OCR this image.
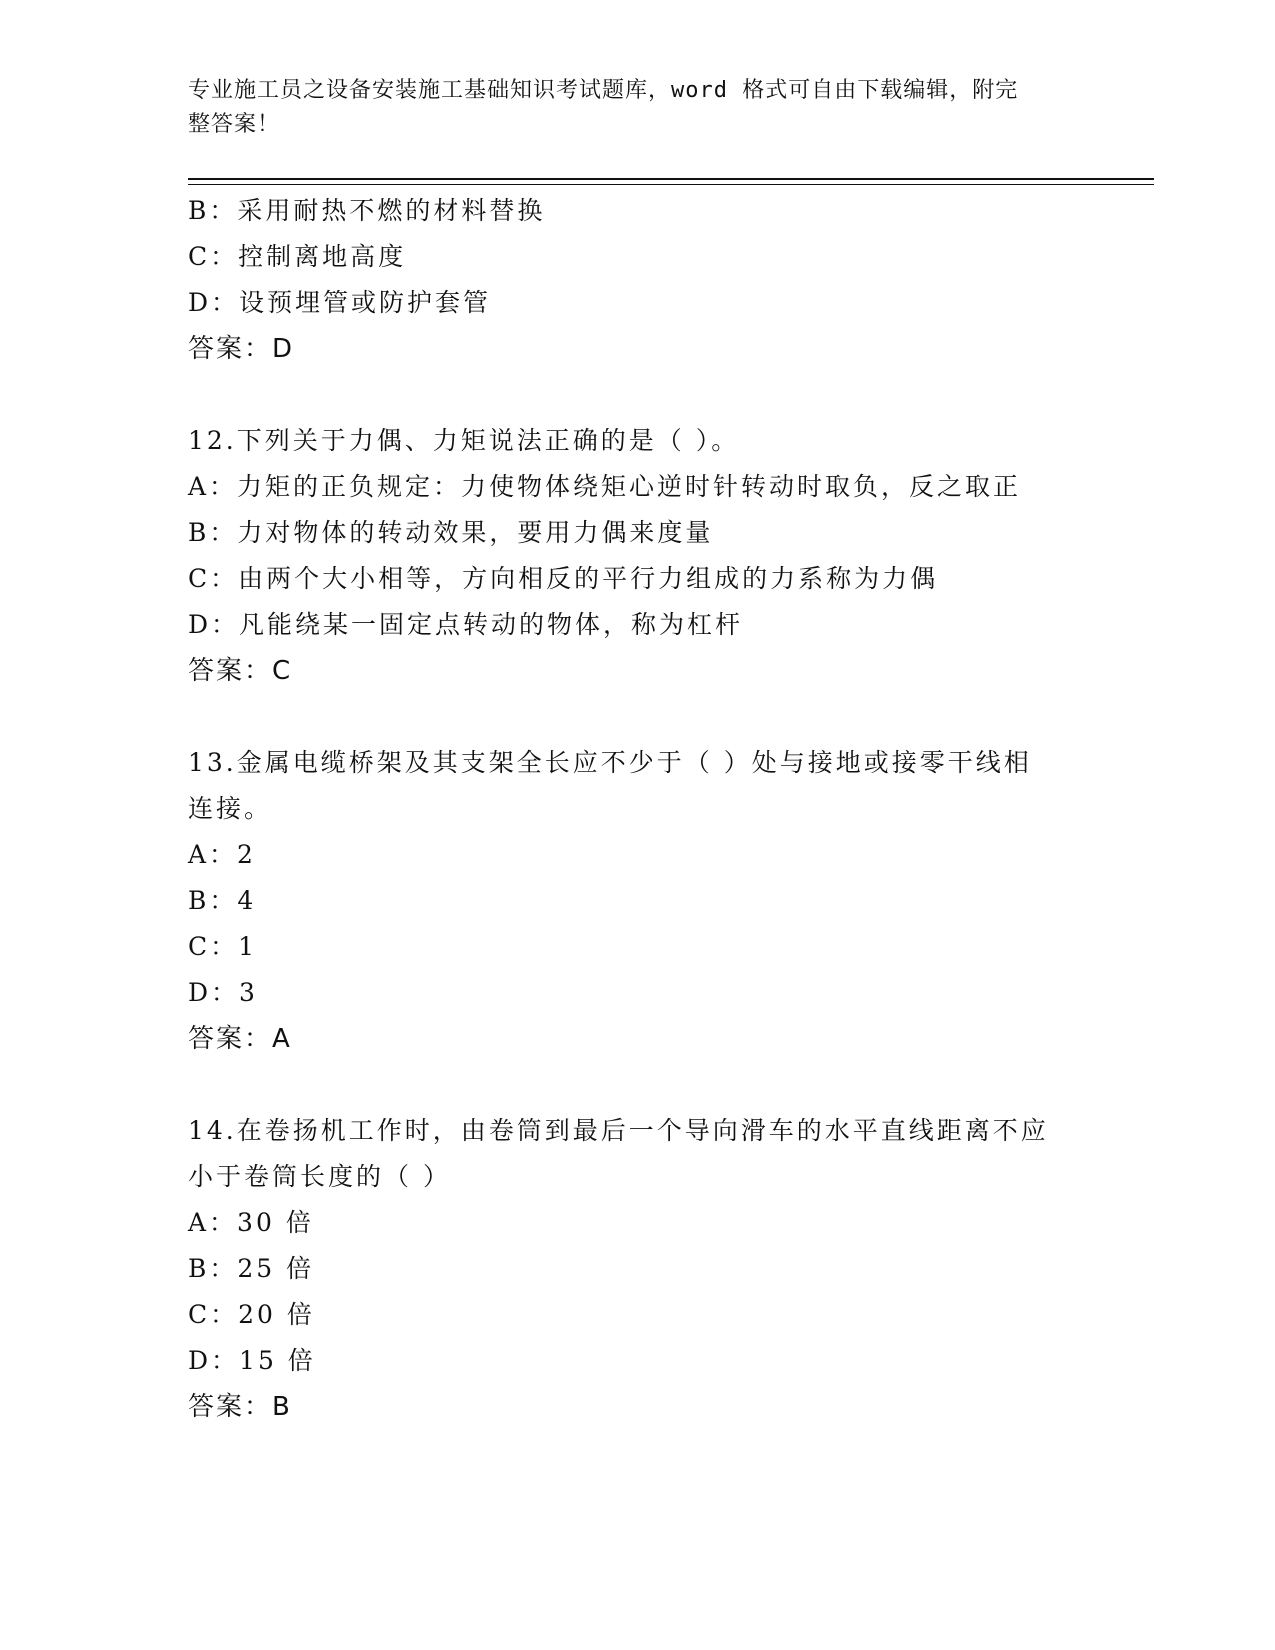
专业施工员之设备安装施工基础知识考试题库，word 格式可自由下载编辑，附完
整答案！
B：采用耐热不燃的材料替换
C：控制离地高度
D：设预埋管或防护套管
答案：D
12.下列关于力偶、力矩说法正确的是（ ）。
A：力矩的正负规定：力使物体绕矩心逆时针转动时取负，反之取正
B：力对物体的转动效果，要用力偶来度量
C：由两个大小相等，方向相反的平行力组成的力系称为力偶
D：凡能绕某一固定点转动的物体，称为杠杆
答案：C
13.金属电缆桥架及其支架全长应不少于（ ）处与接地或接零干线相
连接。
A：2
B：4
C：1
D：3
答案：A
14.在卷扬机工作时，由卷筒到最后一个导向滑车的水平直线距离不应
小于卷筒长度的（ ）
A：30 倍
B：25 倍
C：20 倍
D：15 倍
答案：B
